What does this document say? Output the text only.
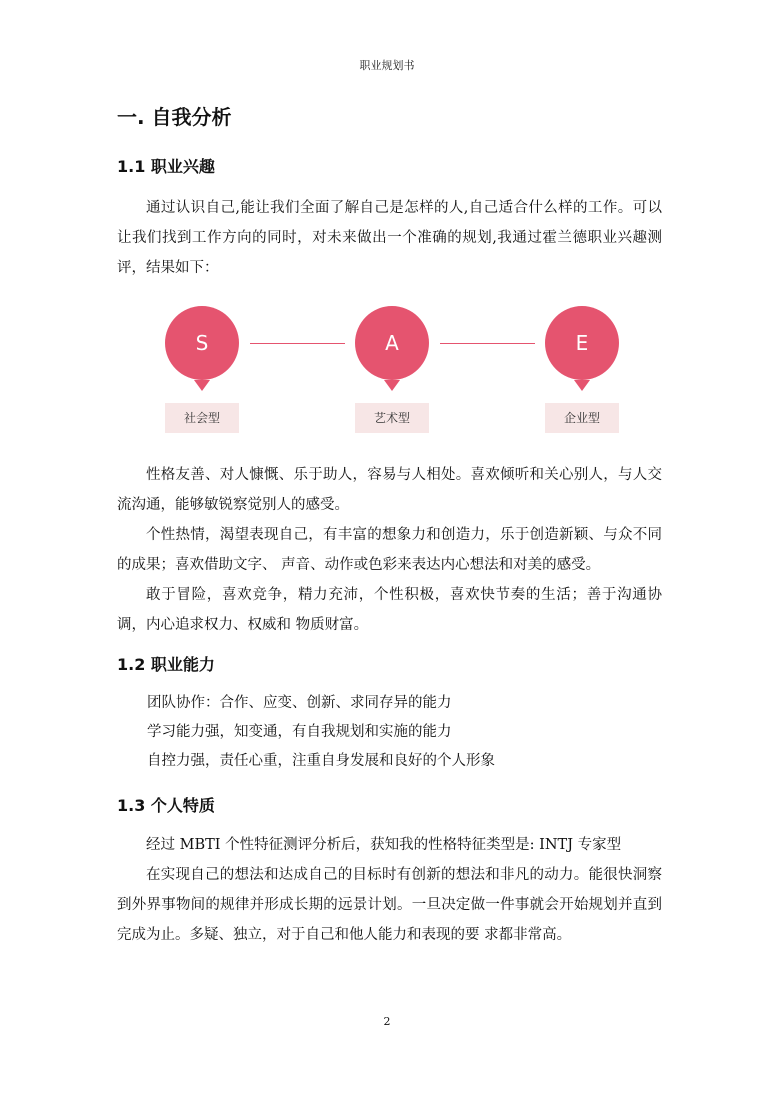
职业规划书
一. 自我分析
1.1 职业兴趣

通过认识自己,能让我们全面了解自己是怎样的人,自己适合什么样的工作。可以让我们找到工作方向的同时，对未来做出一个准确的规划,我通过霍兰德职业兴趣测评，结果如下：

S
社会型
A
艺术型
E
企业型

性格友善、对人慷慨、乐于助人，容易与人相处。喜欢倾听和关心别人，与人交流沟通，能够敏锐察觉别人的感受。

个性热情，渴望表现自己，有丰富的想象力和创造力，乐于创造新颖、与众不同的成果；喜欢借助文字、 声音、动作或色彩来表达内心想法和对美的感受。

敢于冒险，喜欢竞争，精力充沛，个性积极，喜欢快节奏的生活；善于沟通协调，内心追求权力、权威和 物质财富。

1.2 职业能力
团队协作：合作、应变、创新、求同存异的能力
学习能力强，知变通，有自我规划和实施的能力
自控力强，责任心重，注重自身发展和良好的个人形象
1.3 个人特质

经过 MBTI 个性特征测评分析后，获知我的性格特征类型是: INTJ 专家型

在实现自己的想法和达成自己的目标时有创新的想法和非凡的动力。能很快洞察到外界事物间的规律并形成长期的远景计划。一旦决定做一件事就会开始规划并直到完成为止。多疑、独立，对于自己和他人能力和表现的要 求都非常高。

2
